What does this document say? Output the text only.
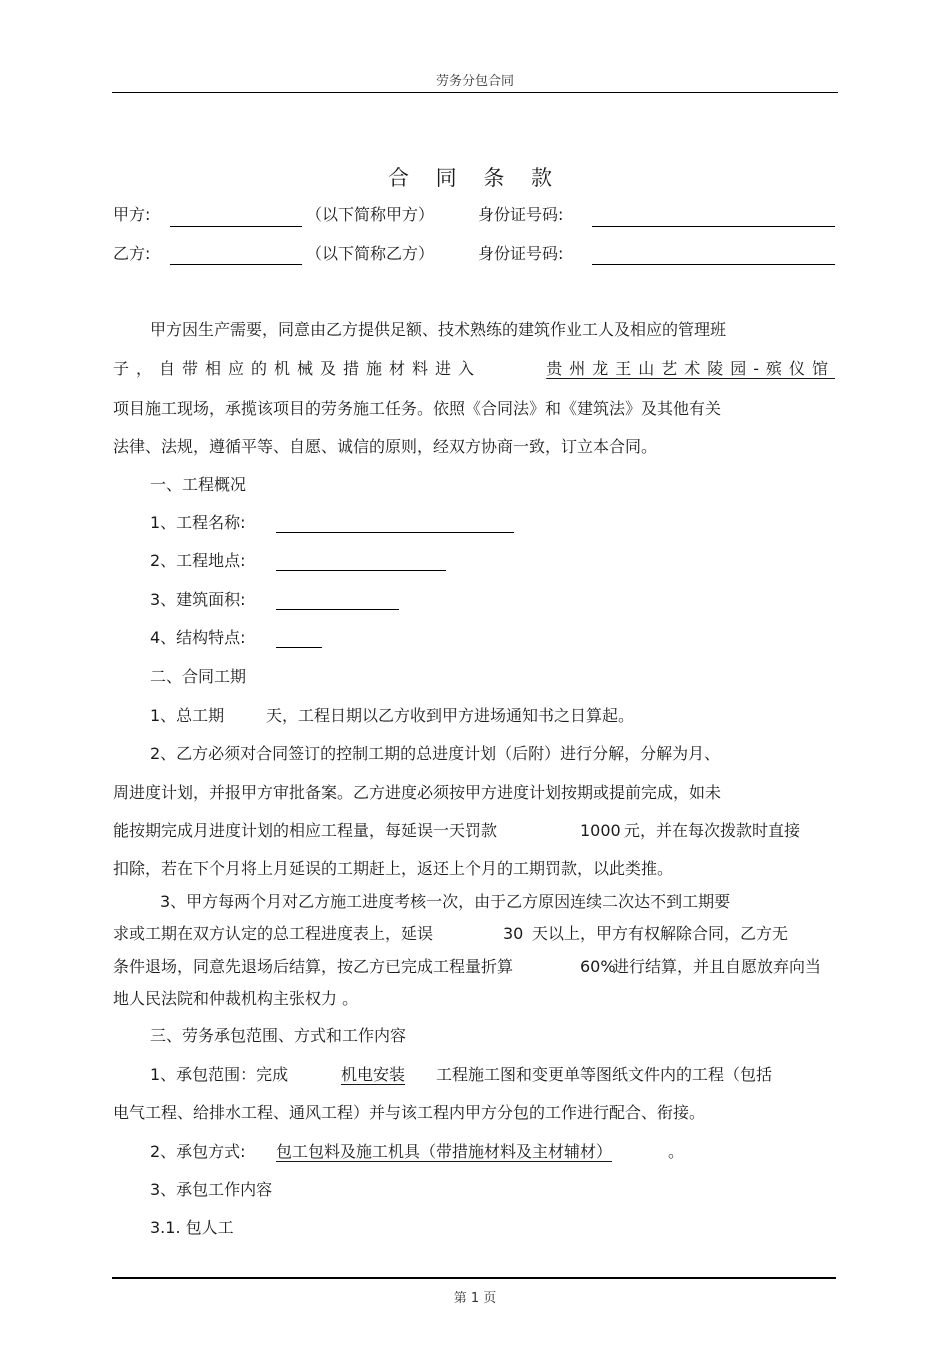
劳务分包合同
合 同 条 款
甲方:	（以下简称甲方）	身份证号码:
乙方:	（以下简称乙方）	身份证号码:
甲方因生产需要，同意由乙方提供足额、技术熟练的建筑作业工人及相应的管理班
子，自带相应的机械及措施材料进入	贵州龙王山艺术陵园-殡仪馆
项目施工现场，承揽该项目的劳务施工任务。依照《合同法》和《建筑法》及其他有关
法律、法规，遵循平等、自愿、诚信的原则，经双方协商一致，订立本合同。
一、工程概况
1、工程名称:
2、工程地点:
3、建筑面积:
4、结构特点:
二、合同工期
1、总工期	天，工程日期以乙方收到甲方进场通知书之日算起。
2、乙方必须对合同签订的控制工期的总进度计划（后附）进行分解，分解为月、
周进度计划，并报甲方审批备案。乙方进度必须按甲方进度计划按期或提前完成，如未
能按期完成月进度计划的相应工程量，每延误一天罚款	1000 元，并在每次拨款时直接
扣除，若在下个月将上月延误的工期赶上，返还上个月的工期罚款，以此类推。
3、甲方每两个月对乙方施工进度考核一次，由于乙方原因连续二次达不到工期要
求或工期在双方认定的总工程进度表上，延误	30 天以上，甲方有权解除合同，乙方无
条件退场，同意先退场后结算，按乙方已完成工程量折算	60%
进行结算，并且自愿放弃向当
地人民法院和仲裁机构主张权力 。
三、劳务承包范围、方式和工作内容
1、承包范围：完成	机电安装	工程施工图和变更单等图纸文件内的工程（包括
电气工程、给排水工程、通风工程）并与该工程内甲方分包的工作进行配合、衔接。
2、承包方式: 包工包料及施工机具（带措施材料及主材辅材）	。
3、承包工作内容
3.1. 包人工
第 1 页
